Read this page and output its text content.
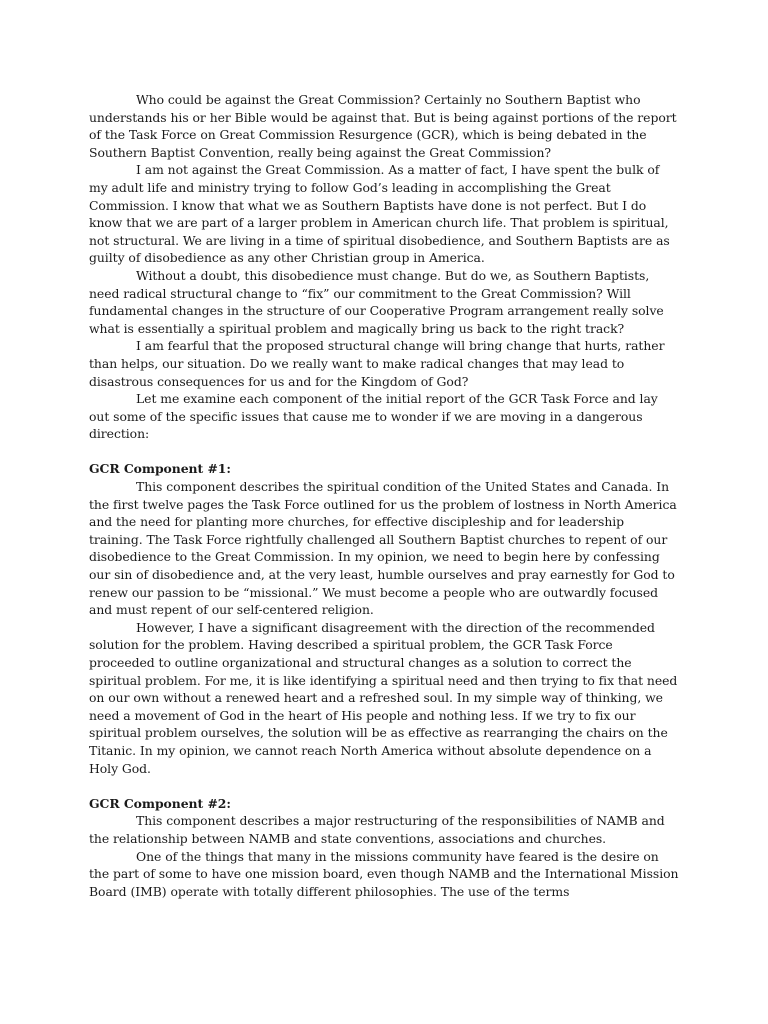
Who could be against the Great Commission? Certainly no Southern Baptist who understands his or her Bible would be against that. But is being against portions of the report of the Task Force on Great Commission Resurgence (GCR), which is being debated in the Southern Baptist Convention, really being against the Great Commission?

I am not against the Great Commission. As a matter of fact, I have spent the bulk of my adult life and ministry trying to follow God’s leading in accomplishing the Great Commission. I know that what we as Southern Baptists have done is not perfect. But I do know that we are part of a larger problem in American church life. That problem is spiritual, not structural. We are living in a time of spiritual disobedience, and Southern Baptists are as guilty of disobedience as any other Christian group in America.

Without a doubt, this disobedience must change. But do we, as Southern Baptists, need radical structural change to “fix” our commitment to the Great Commission? Will fundamental changes in the structure of our Cooperative Program arrangement really solve what is essentially a spiritual problem and magically bring us back to the right track?

I am fearful that the proposed structural change will bring change that hurts, rather than helps, our situation. Do we really want to make radical changes that may lead to disastrous consequences for us and for the Kingdom of God?

Let me examine each component of the initial report of the GCR Task Force and lay out some of the specific issues that cause me to wonder if we are moving in a dangerous direction:

GCR Component #1:

This component describes the spiritual condition of the United States and Canada. In the first twelve pages the Task Force outlined for us the problem of lostness in North America and the need for planting more churches, for effective discipleship and for leadership training. The Task Force rightfully challenged all Southern Baptist churches to repent of our disobedience to the Great Commission. In my opinion, we need to begin here by confessing our sin of disobedience and, at the very least, humble ourselves and pray earnestly for God to renew our passion to be “missional.” We must become a people who are outwardly focused and must repent of our self-centered religion.

However, I have a significant disagreement with the direction of the recommended solution for the problem. Having described a spiritual problem, the GCR Task Force proceeded to outline organizational and structural changes as a solution to correct the spiritual problem. For me, it is like identifying a spiritual need and then trying to fix that need on our own without a renewed heart and a refreshed soul. In my simple way of thinking, we need a movement of God in the heart of His people and nothing less. If we try to fix our spiritual problem ourselves, the solution will be as effective as rearranging the chairs on the Titanic. In my opinion, we cannot reach North America without absolute dependence on a Holy God.

GCR Component #2:

This component describes a major restructuring of the responsibilities of NAMB and the relationship between NAMB and state conventions, associations and churches.

One of the things that many in the missions community have feared is the desire on the part of some to have one mission board, even though NAMB and the International Mission Board (IMB) operate with totally different philosophies. The use of the terms
